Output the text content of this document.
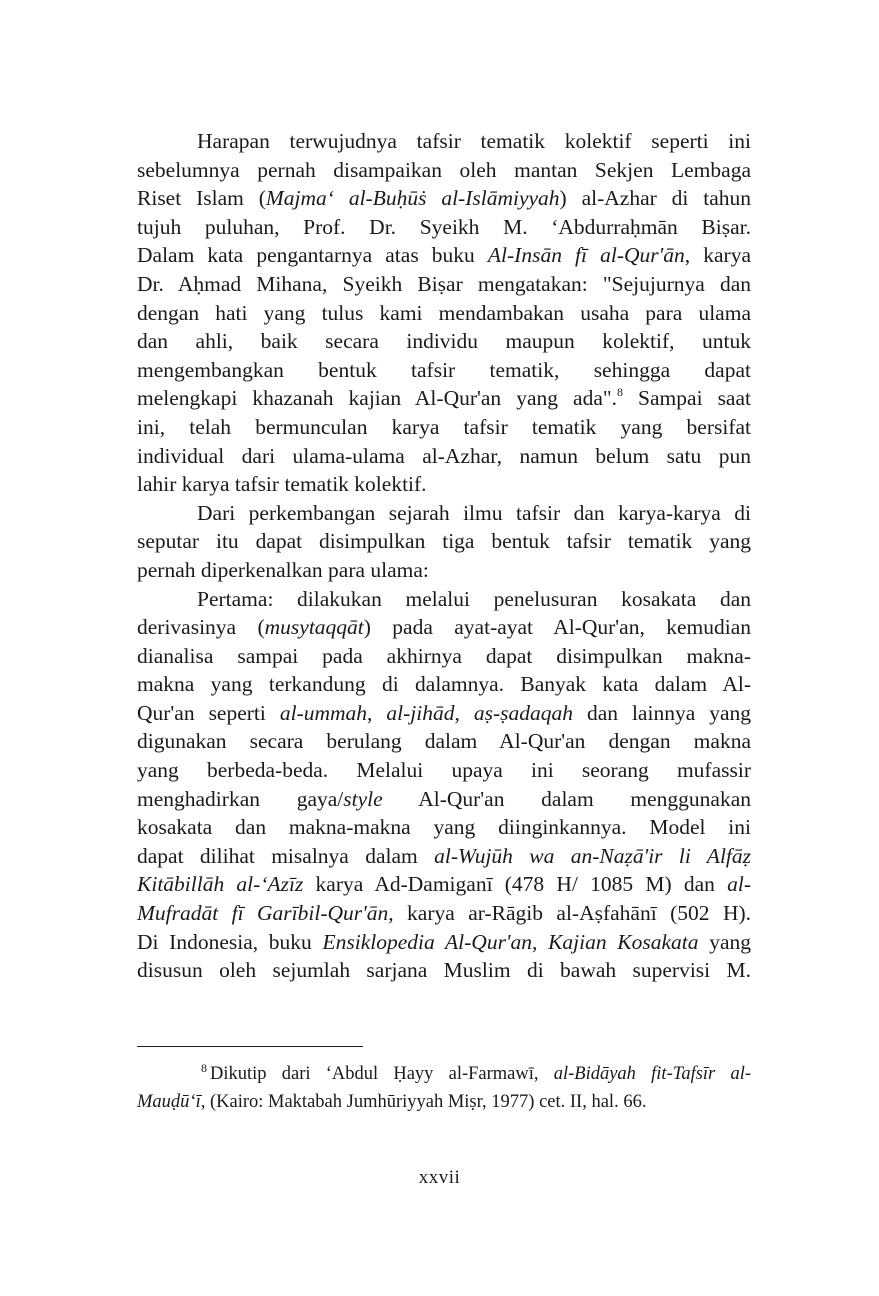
Harapan terwujudnya tafsir tematik kolektif seperti ini
sebelumnya pernah disampaikan oleh mantan Sekjen Lembaga
Riset Islam (Majma‘ al-Buḥūṡ al-Islāmiyyah) al-Azhar di tahun
tujuh puluhan, Prof. Dr. Syeikh M. ‘Abdurraḥmān Biṣar.
Dalam kata pengantarnya atas buku Al-Insān fī al-Qur'ān, karya
Dr. Aḥmad Mihana, Syeikh Biṣar mengatakan: "Sejujurnya dan
dengan hati yang tulus kami mendambakan usaha para ulama
dan ahli, baik secara individu maupun kolektif, untuk
mengembangkan bentuk tafsir tematik, sehingga dapat
melengkapi khazanah kajian Al-Qur'an yang ada".$^8$ Sampai saat
ini, telah bermunculan karya tafsir tematik yang bersifat
individual dari ulama-ulama al-Azhar, namun belum satu pun
lahir karya tafsir tematik kolektif.
Dari perkembangan sejarah ilmu tafsir dan karya-karya di
seputar itu dapat disimpulkan tiga bentuk tafsir tematik yang
pernah diperkenalkan para ulama:
Pertama: dilakukan melalui penelusuran kosakata dan
derivasinya (musytaqqāt) pada ayat-ayat Al-Qur'an, kemudian
dianalisa sampai pada akhirnya dapat disimpulkan makna-
makna yang terkandung di dalamnya. Banyak kata dalam Al-
Qur'an seperti al-ummah, al-jihād, aṣ-ṣadaqah dan lainnya yang
digunakan secara berulang dalam Al-Qur'an dengan makna
yang berbeda-beda. Melalui upaya ini seorang mufassir
menghadirkan gaya/style Al-Qur'an dalam menggunakan
kosakata dan makna-makna yang diinginkannya. Model ini
dapat dilihat misalnya dalam al-Wujūh wa an-Naẓā'ir li Alfāẓ
Kitābillāh al-‘Azīz karya Ad-Damiganī (478 H/ 1085 M) dan al-
Mufradāt fī Garībil-Qur'ān, karya ar-Rāgib al-Aṣfahānī (502 H).
Di Indonesia, buku Ensiklopedia Al-Qur'an, Kajian Kosakata yang
disusun oleh sejumlah sarjana Muslim di bawah supervisi M.
$^8$ Dikutip dari ‘Abdul Ḥayy al-Farmawī, al-Bidāyah fit-Tafsīr al-
Mauḍū‘ī, (Kairo: Maktabah Jumhūriyyah Miṣr, 1977) cet. II, hal. 66.
xxvii
